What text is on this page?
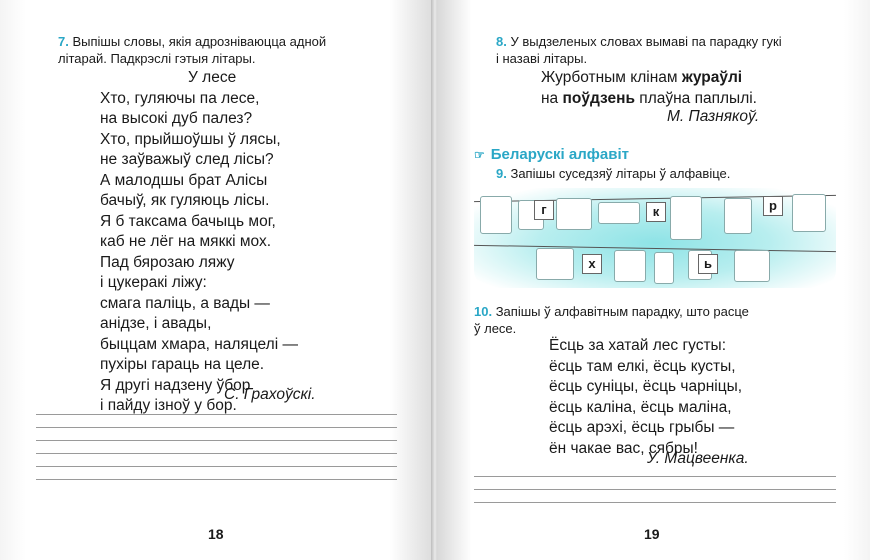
7. Выпішы словы, якія адрозніваюцца адной
літарай. Падкрэслі гэтыя літары.
У лесе
Хто, гуляючы па лесе,
на высокі дуб палез?
Хто, прыйшоўшы ў лясы,
не заўважыў след лісы?
А малодшы брат Алісы
бачыў, як гуляюць лісы.
Я б таксама бачыць мог,
каб не лёг на мяккі мох.
Пад бярозаю ляжу
і цукеракі ліжу:
смага паліць, а вады —
анідзе, і авады,
быццам хмара, наляцелі —
пухіры гараць на целе.
Я другі надзену ўбор
і пайду ізноў у бор.
С. Грахоўскі.
18
8. У выдзеленых словах вымаві па парадку гукі
і назаві літары.
Журботным клінам жураўлі
на поўдзень плаўна паплылі.
М. Пазнякоў.
☞ Беларускі алфавіт
9. Запішы суседзяў літары ў алфавіце.
г	к	р
х	ь
10. Запішы ў алфавітным парадку, што расце
ў лесе.
Ёсць за хатай лес густы:
ёсць там елкі, ёсць кусты,
ёсць суніцы, ёсць чарніцы,
ёсць каліна, ёсць маліна,
ёсць арэхі, ёсць грыбы —
ён чакае вас, сябры!
У. Мацвеенка.
19
